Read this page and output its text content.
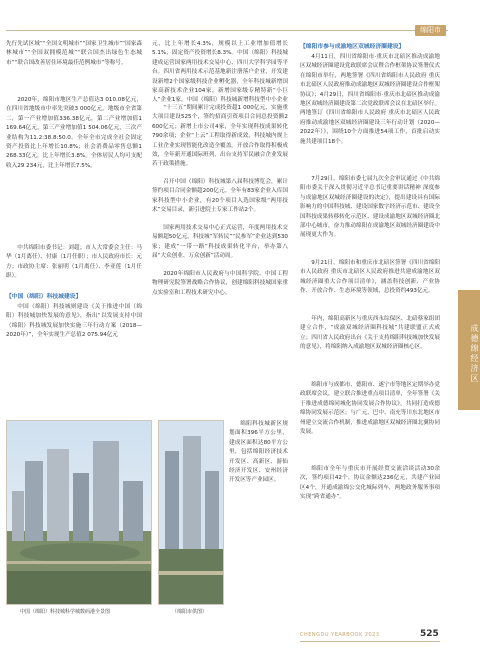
绵阳市
先行先试区域”“全国文明城市”“国家卫生城市”“国家森林城市”“全国双拥模范城”“联合国杰出绿色生态城市”“联合国改善居住环境最佳范例城市”等称号。
2020年，绵阳市地区生产总值达3 010.08亿元，在四川省地级市中率先突破3 000亿元，地级市全省第二，第一产业增加值336.38亿元，第二产业增加值1 169.64亿元，第三产业增加值1 504.06亿元，三次产业结构为11.2:38.8:50.0。全年全市完成全社会固定资产投资比上年增长10.8%；社会消费品零售总额1 268.33亿元，比上年增长3.8%。全体居民人均可支配收入29 234元，比上年增长7.5%。
中共绵阳市委书记：刘超；市人大常委会主任：马华（1月离任）、付康（1月任职）；市人民政府市长：元方；市政协主席：张丽明（1月离任）、李亚莲（1月任职）。
【中国（绵阳）科技城建设】
中国（绵阳）科技城则建设《关于推进中国（绵阳）科技城加快发展的意见》，指出“以发展支持中国（绵阳）科技城发展加快实施三年行动方案（2018—2020年）”，全年实现生产总值2 075.94亿元
元，比上年增长4.3%，规模以上工业增加值增长5.1%，固定资产投资增长8.3%。中国（绵阳）科技城建成运营国家两用技术交易中心、四川大学科学园等平台。四川省两用技术示范基地新注册落户企业，开发建设新增2个国家级科技企业孵化器，全年科技城新增国家高新技术企业104家，新增国家级专精特新“小巨人”企业1家，中国（绵阳）科技城新增科技型中小企业
“十三五”期间累计完成投资超1 000亿元，实施重大项目建设525个，签约招商引资项目合同总投资额2 600亿元；新增上市公司4家，全年实现科技成果转化790余项；企业“上云”工程取得新成效，科技城内规上工业企业实现智能化改造全覆盖。开放合作取得积极成效，全年新开通国际班列，出台支持军民融合企业发展若干政策措施。
召开中国（绵阳）科技城第八届科技博览会，累计签约项目合同金额超200亿元。全年有83家企业入库国家科技型中小企业，有20个项目入选国家级“两用技术”交易目录，新引进院士专家工作站2个。
国家两用技术交易中心正式运营，年度两用技术交易额超50亿元，科技城“军转民”“民参军”企业达到530家；建成“一带一路”科技成果转化平台，举办第八届“大众创业、万众创新”活动周。
2020年绵阳市人民政府与中国科学院、中国工程物理研究院签署战略合作协议，创建绵阳科技城国家重点实验室和工程技术研究中心。
绵阳科技城新区规划面积396平方公里，建成区面积达80平方公里，包括绵阳经济技术开发区、高新区、游仙经济开发区、安州经济开发区等产业园区。
【绵阳市参与成渝地区双城经济圈建设】
4月11日，四川省绵阳市·重庆市北碚区推动成渝地区双城经济圈建设党政联席会议暨合作框架协议签署仪式在绵阳市举行，两地签署《四川省绵阳市人民政府 重庆市北碚区人民政府推动成渝地区双城经济圈建设合作框架协议》；4月29日，四川省绵阳市·重庆市北碚区推动成渝地区双城经济圈建设第二次党政联席会议在北碚区举行。两地签订《四川省绵阳市人民政府 重庆市北碚区人民政府推动成渝地区双城经济圈建设三年行动计划（2020—2022年）》，围绕10个方面推进54项工作，首批启动实施共建项目18个。
7月29日，绵阳市委七届九次全会审议通过《中共绵阳市委关于深入贯彻习近平总书记重要讲话精神 深度参与成渝地区双城经济圈建设的决定》，提出建设具有国际影响力的中国科技城、建设国家数字经济示范市、建设全国科技成果转移转化示范区、建设成渝地区双城经济圈北部中心城市，奋力推动绵阳在成渝地区双城经济圈建设中展现更大作为。
9月21日，绵阳市和重庆市北碚区签署《四川省绵阳市人民政府 重庆市北碚区人民政府推进共建成渝地区双城经济圈重大合作项目清单》，涵盖科技创新、产业协作、开放合作、生态环境等领域，总投资约493亿元。
年内，绵阳高新区与重庆西永综保区、北碚蔡家组团建立合作，“成渝双城经济圈科技城”共建联盟正式成立；四川省人民政府出台《关于支持绵阳科技城加快发展的意见》，将绵阳纳入成渝地区双城经济圈核心区。
绵阳市与成都市、德阳市、遂宁市等地区定期举办党政联席会议，建立联合推进重点项目清单，全年签署《关于推进成德绵同城化协同发展合作协议》，共同打造成德绵协同发展示范区；与广元、巴中、南充等川东北地区市州建立交流合作机制，推进成渝地区双城经济圈北翼协同发展。
绵阳市全年与重庆市开展经贸交流洽谈活动30余次，签约项目42个，协议金额达236亿元，共建产业园区4个，开通成渝绵公交化城际列车，两地政务服务事项实现“跨省通办”。
中国（绵阳）科技城科学城数码港全景图	（绵阳市供图）
成德绵经济区
CHENGDU YEARBOOK 2023	525
